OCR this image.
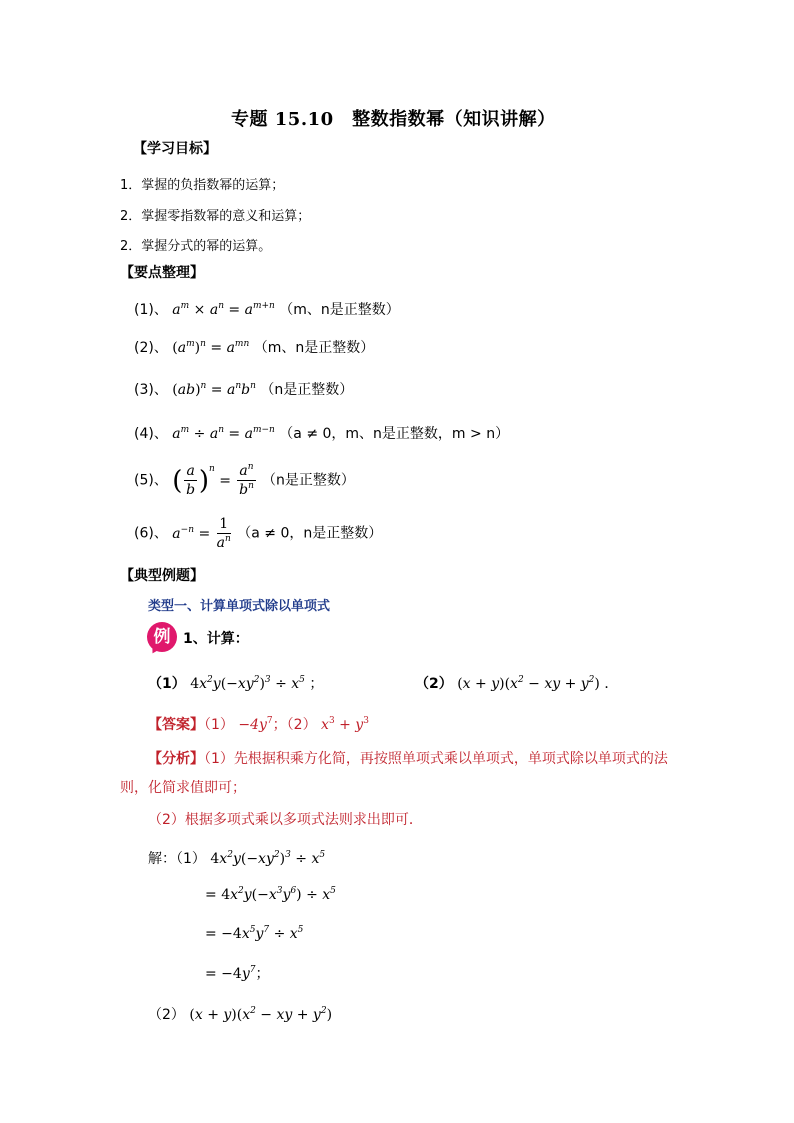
专题 15.10　整数指数幂（知识讲解）
【学习目标】
1．掌握的负指数幂的运算；
2．掌握零指数幂的意义和运算；
2．掌握分式的幂的运算。
【要点整理】
(1)、 $a^m \times a^n = a^{m+n}$ （m、n是正整数）
(2)、 $(a^m)^n = a^{mn}$ （m、n是正整数）
(3)、 $(ab)^n = a^nb^n$ （n是正整数）
(4)、 $a^m \div a^n = a^{m-n}$ （a ≠ 0，m、n是正整数，m > n）
(5)、 ( $\frac{a}{b} )^n = \frac{a^n}{b^n} (n$是正整数）
(6)、 $a^{-n} = \frac{1}{a^n} (a \ne 0$，n是正整数）
【典型例题】
类型一、计算单项式除以单项式
例 1、计算：
（1） $4x^2y(-xy^2)^3 \div x^5$ ；	（2） $(x + y)(x^2$ − xy + $y^2$) ．
【答案】$(1) -4y^7$；（2） $x^3 + y^3$
【分析】（1）先根据积乘方化简，再按照单项式乘以单项式，单项式除以单项式的法
则，化简求值即可；
（2）根据多项式乘以多项式法则求出即可．
解：（1） $4x^2y(-xy^2)^3 \div x^5$
= $4x^2y(-x^3y^6) \div x^5$
= $-4x^5y^7 \div x^5$
= $-4y^7$；
（2） $(x + y)(x^2$ − xy + $y^2$)
